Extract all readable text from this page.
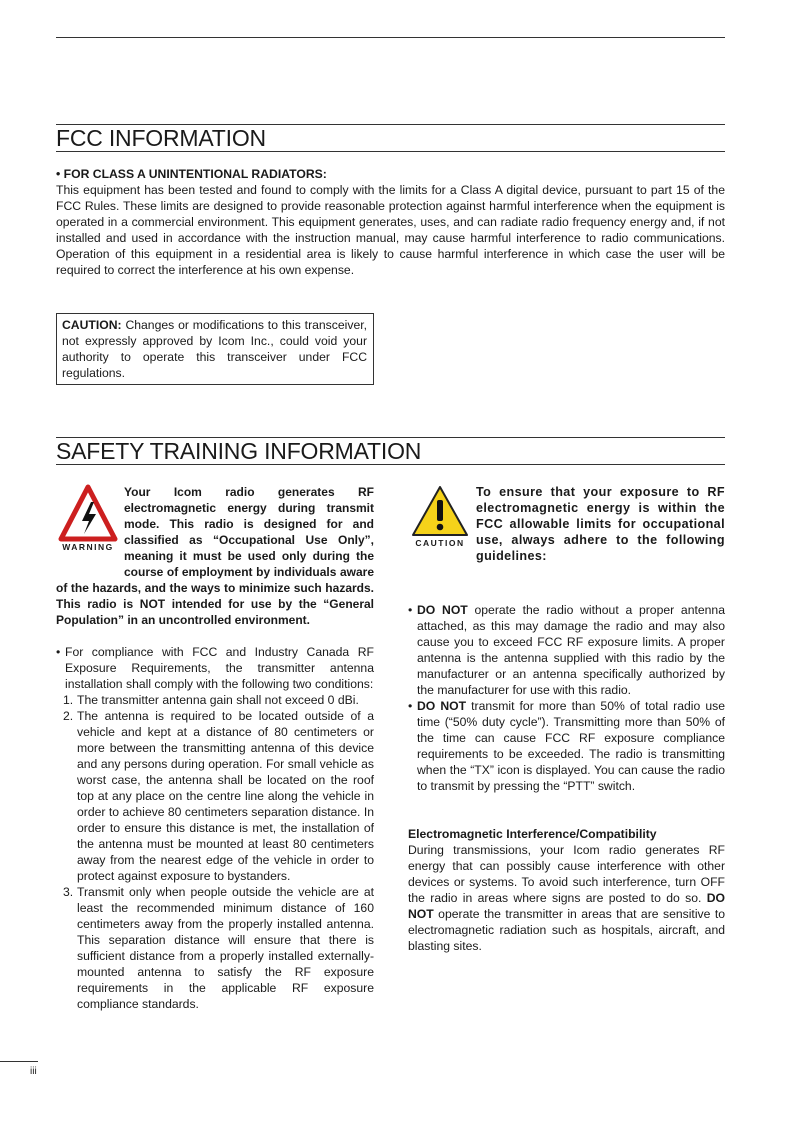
FCC INFORMATION
• FOR CLASS A UNINTENTIONAL RADIATORS:
This equipment has been tested and found to comply with the limits for a Class A digital device, pursuant to part 15 of the FCC Rules. These limits are designed to provide reasonable protection against harmful interference when the equipment is operated in a commercial environment. This equipment generates, uses, and can radiate radio frequency energy and, if not installed and used in accordance with the instruction manual, may cause harmful interference to radio communications. Operation of this equipment in a residential area is likely to cause harmful interference in which case the user will be required to correct the interference at his own expense.
CAUTION: Changes or modifications to this transceiver, not expressly approved by Icom Inc., could void your authority to operate this transceiver under FCC regulations.
SAFETY TRAINING INFORMATION
WARNING
Your Icom radio generates RF electromagnetic energy during transmit mode. This radio is designed for and classified as “Occupational Use Only”, meaning it must be used only during the course of employment by individuals aware of the hazards, and the ways to minimize such hazards. This radio is NOT intended for use by the “General Population” in an uncontrolled environment.
• For compliance with FCC and Industry Canada RF Exposure Requirements, the transmitter antenna installation shall comply with the following two conditions:
1. The transmitter antenna gain shall not exceed 0 dBi.
2. The antenna is required to be located outside of a vehicle and kept at a distance of 80 centimeters or more between the transmitting antenna of this device and any persons during operation. For small vehicle as worst case, the antenna shall be located on the roof top at any place on the centre line along the vehicle in order to achieve 80 centimeters separation distance. In order to ensure this distance is met, the installation of the antenna must be mounted at least 80 centimeters away from the nearest edge of the vehicle in order to protect against exposure to bystanders.
3. Transmit only when people outside the vehicle are at least the recommended minimum distance of 160 centimeters away from the properly installed antenna. This separation distance will ensure that there is sufficient distance from a properly installed externally-mounted antenna to satisfy the RF exposure requirements in the applicable RF exposure compliance standards.
CAUTION
To ensure that your exposure to RF electromagnetic energy is within the FCC allowable limits for occupational use, always adhere to the following guidelines:
• DO NOT operate the radio without a proper antenna attached, as this may damage the radio and may also cause you to exceed FCC RF exposure limits. A proper antenna is the antenna supplied with this radio by the manufacturer or an antenna specifically authorized by the manufacturer for use with this radio.
• DO NOT transmit for more than 50% of total radio use time (“50% duty cycle”). Transmitting more than 50% of the time can cause FCC RF exposure compliance requirements to be exceeded. The radio is transmitting when the “TX” icon is displayed. You can cause the radio to transmit by pressing the “PTT” switch.
Electromagnetic Interference/Compatibility
During transmissions, your Icom radio generates RF energy that can possibly cause interference with other devices or systems. To avoid such interference, turn OFF the radio in areas where signs are posted to do so. DO NOT operate the transmitter in areas that are sensitive to electromagnetic radiation such as hospitals, aircraft, and blasting sites.
iii
